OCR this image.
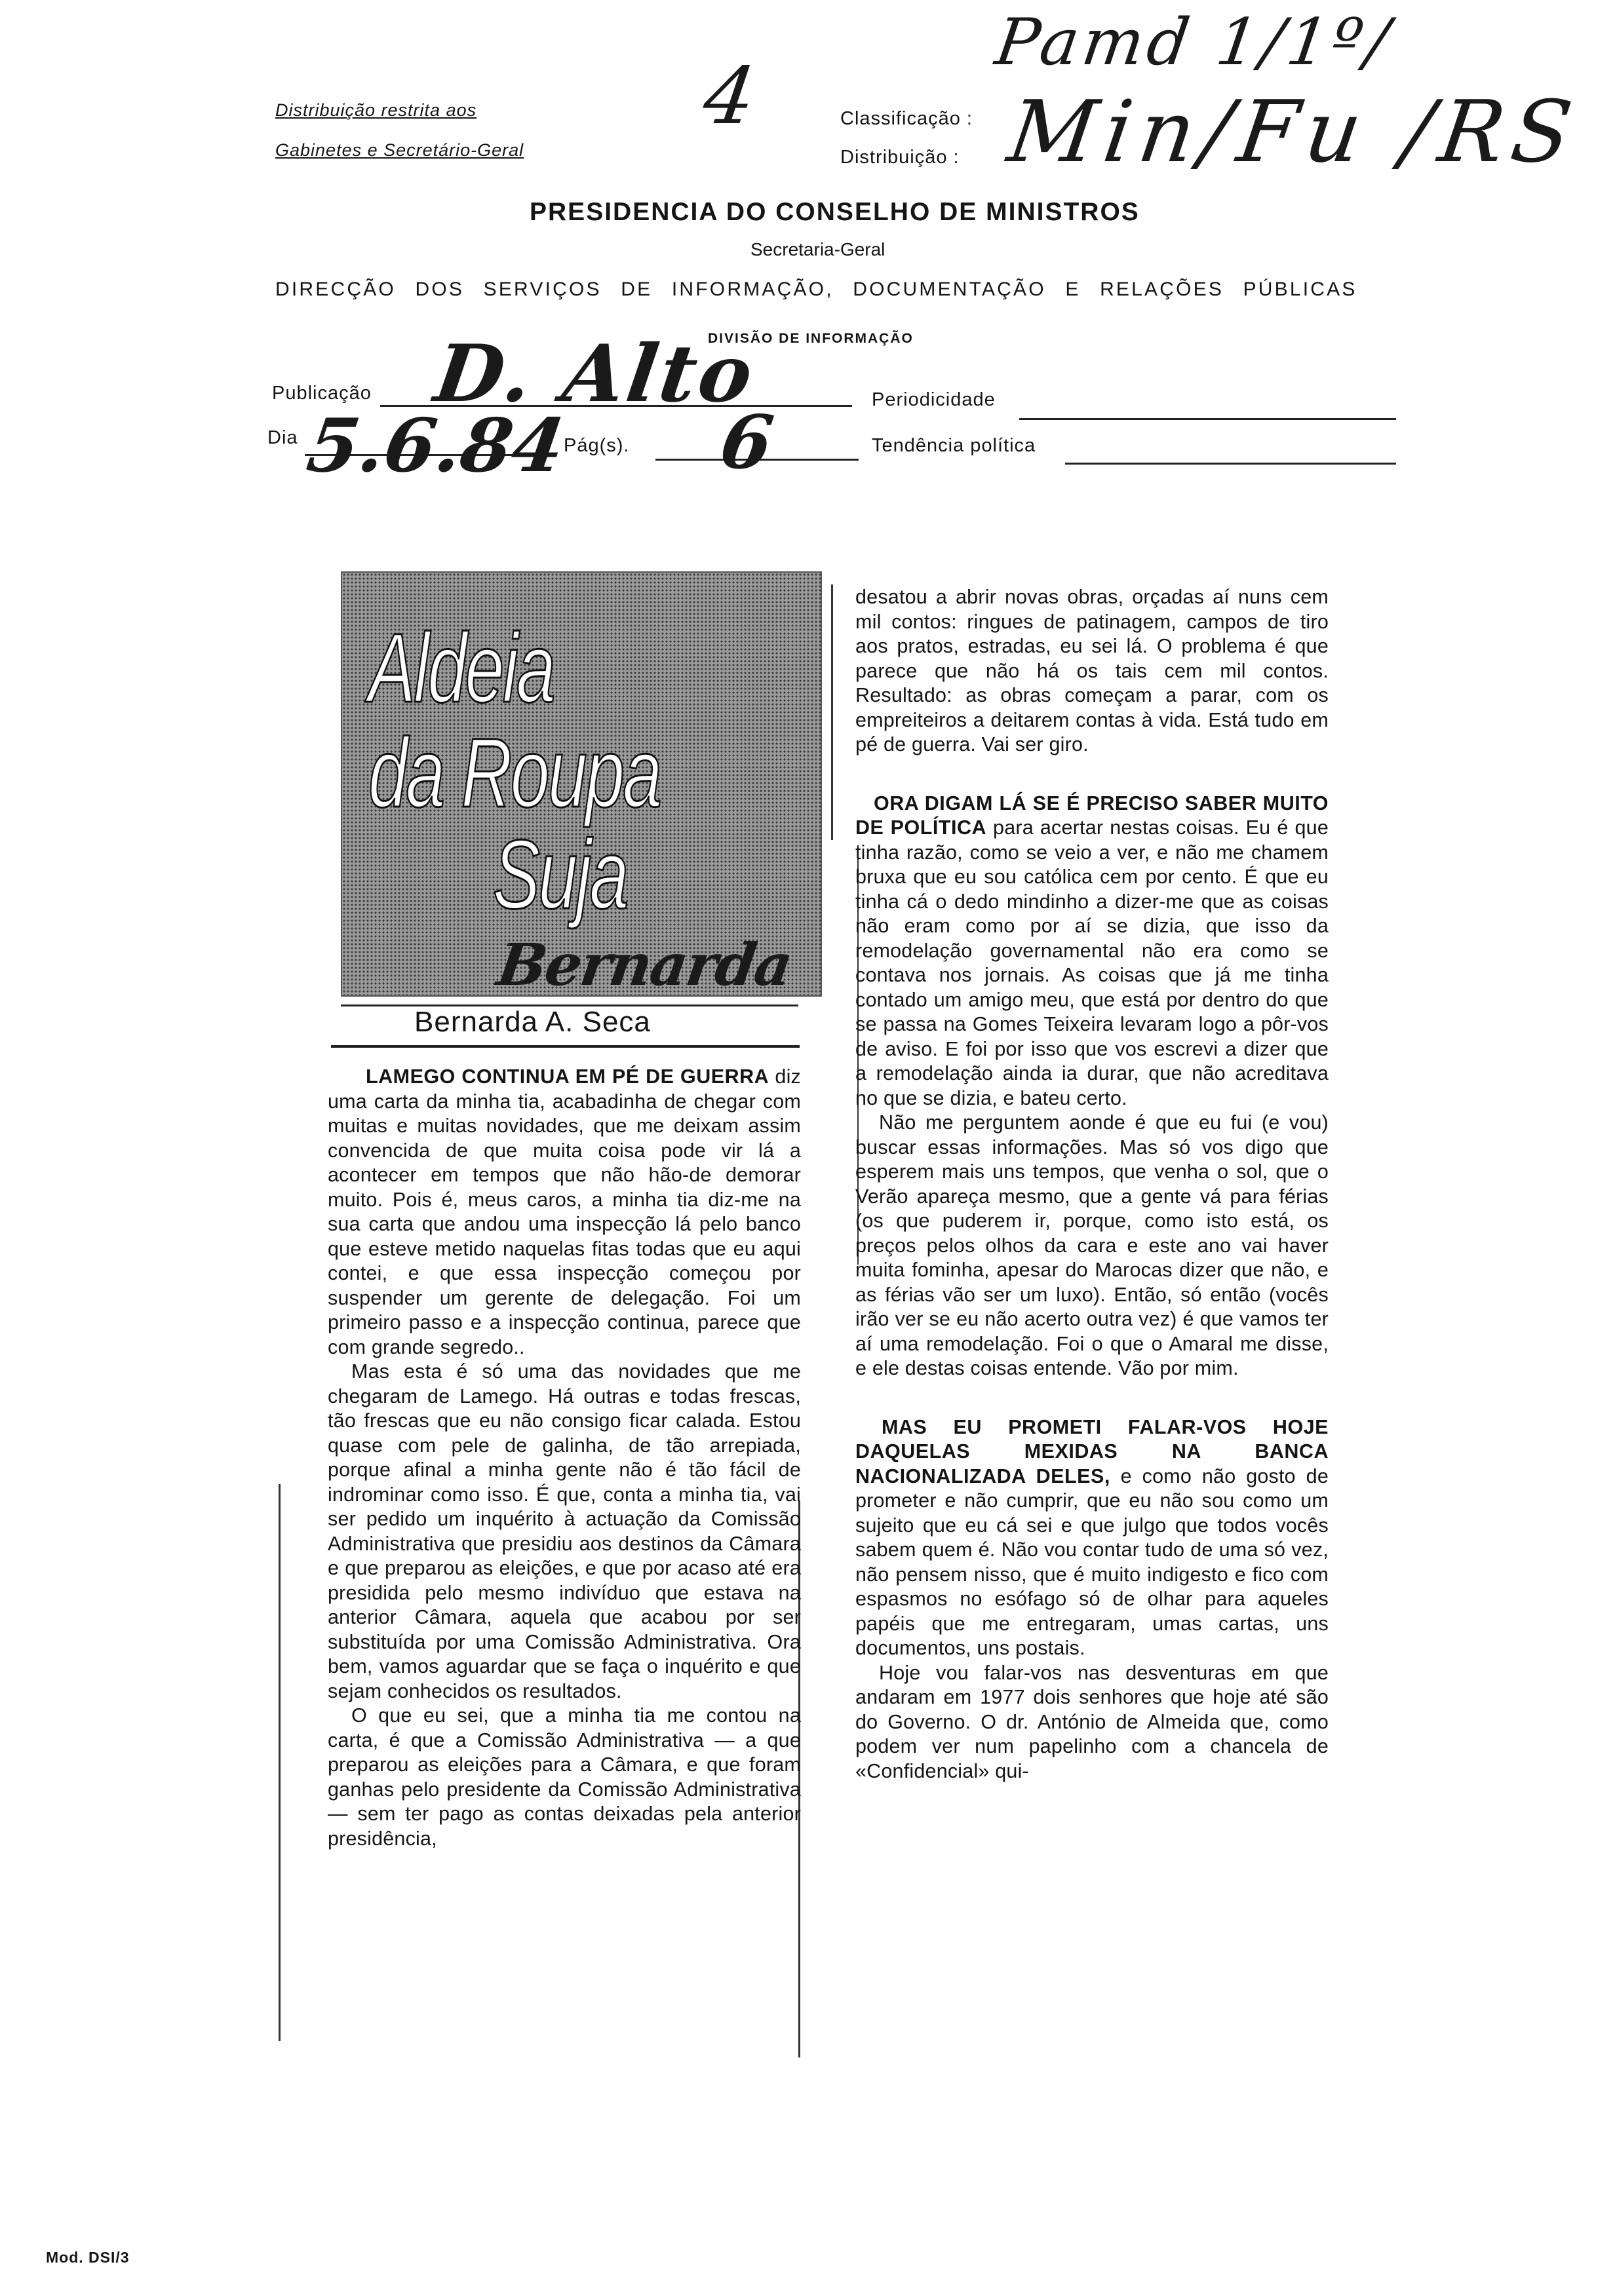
Distribuição restrita aos
Gabinetes e Secretário-Geral
4
Pamd 1/1º/
Classificação :
Distribuição : Min/Fu /RS
PRESIDENCIA DO CONSELHO DE MINISTROS
Secretaria-Geral
DIRECÇÃO DOS SERVIÇOS DE INFORMAÇÃO, DOCUMENTAÇÃO E RELAÇÕES PÚBLICAS
DIVISÃO DE INFORMAÇÃO
Publicação D. Alto	Periodicidade
Dia 5.6.84
Pág(s). 6	Tendência política
Aldeia
da Roupa
Suja
Bernarda
Bernarda A. Seca

LAMEGO CONTINUA EM PÉ DE GUERRA diz uma carta da minha tia, acabadinha de chegar com muitas e muitas novidades, que me deixam assim convencida de que muita coisa pode vir lá a acontecer em tempos que não hão-de demorar muito. Pois é, meus caros, a minha tia diz-me na sua carta que andou uma inspecção lá pelo banco que esteve metido naquelas fitas todas que eu aqui contei, e que essa inspecção começou por suspender um gerente de delegação. Foi um primeiro passo e a inspecção continua, parece que com grande segredo..

Mas esta é só uma das novidades que me chegaram de Lamego. Há outras e todas frescas, tão frescas que eu não consigo ficar calada. Estou quase com pele de galinha, de tão arrepiada, porque afinal a minha gente não é tão fácil de indrominar como isso. É que, conta a minha tia, vai ser pedido um inquérito à actuação da Comissão Administrativa que presidiu aos destinos da Câmara e que preparou as eleições, e que por acaso até era presidida pelo mesmo indivíduo que estava na anterior Câmara, aquela que acabou por ser substituída por uma Comissão Administrativa. Ora bem, vamos aguardar que se faça o inquérito e que sejam conhecidos os resultados.

O que eu sei, que a minha tia me contou na carta, é que a Comissão Administrativa — a que preparou as eleições para a Câmara, e que foram ganhas pelo presidente da Comissão Administrativa — sem ter pago as contas deixadas pela anterior presidência,

desatou a abrir novas obras, orçadas aí nuns cem mil contos: ringues de patinagem, campos de tiro aos pratos, estradas, eu sei lá. O problema é que parece que não há os tais cem mil contos. Resultado: as obras começam a parar, com os empreiteiros a deitarem contas à vida. Está tudo em pé de guerra. Vai ser giro.

ORA DIGAM LÁ SE É PRECISO SABER MUITO DE POLÍTICA para acertar nestas coisas. Eu é que tinha razão, como se veio a ver, e não me chamem bruxa que eu sou católica cem por cento. É que eu tinha cá o dedo mindinho a dizer-me que as coisas não eram como por aí se dizia, que isso da remodelação governamental não era como se contava nos jornais. As coisas que já me tinha contado um amigo meu, que está por dentro do que se passa na Gomes Teixeira levaram logo a pôr-vos de aviso. E foi por isso que vos escrevi a dizer que a remodelação ainda ia durar, que não acreditava no que se dizia, e bateu certo.

Não me perguntem aonde é que eu fui (e vou) buscar essas informações. Mas só vos digo que esperem mais uns tempos, que venha o sol, que o Verão apareça mesmo, que a gente vá para férias (os que puderem ir, porque, como isto está, os preços pelos olhos da cara e este ano vai haver muita fominha, apesar do Marocas dizer que não, e as férias vão ser um luxo). Então, só então (vocês irão ver se eu não acerto outra vez) é que vamos ter aí uma remodelação. Foi o que o Amaral me disse, e ele destas coisas entende. Vão por mim.

MAS EU PROMETI FALAR-VOS HOJE DAQUELAS MEXIDAS NA BANCA NACIONALIZADA DELES, e como não gosto de prometer e não cumprir, que eu não sou como um sujeito que eu cá sei e que julgo que todos vocês sabem quem é. Não vou contar tudo de uma só vez, não pensem nisso, que é muito indigesto e fico com espasmos no esófago só de olhar para aqueles papéis que me entregaram, umas cartas, uns documentos, uns postais.

Hoje vou falar-vos nas desventuras em que andaram em 1977 dois senhores que hoje até são do Governo. O dr. António de Almeida que, como podem ver num papelinho com a chancela de «Confidencial» qui-

Mod. DSI/3
